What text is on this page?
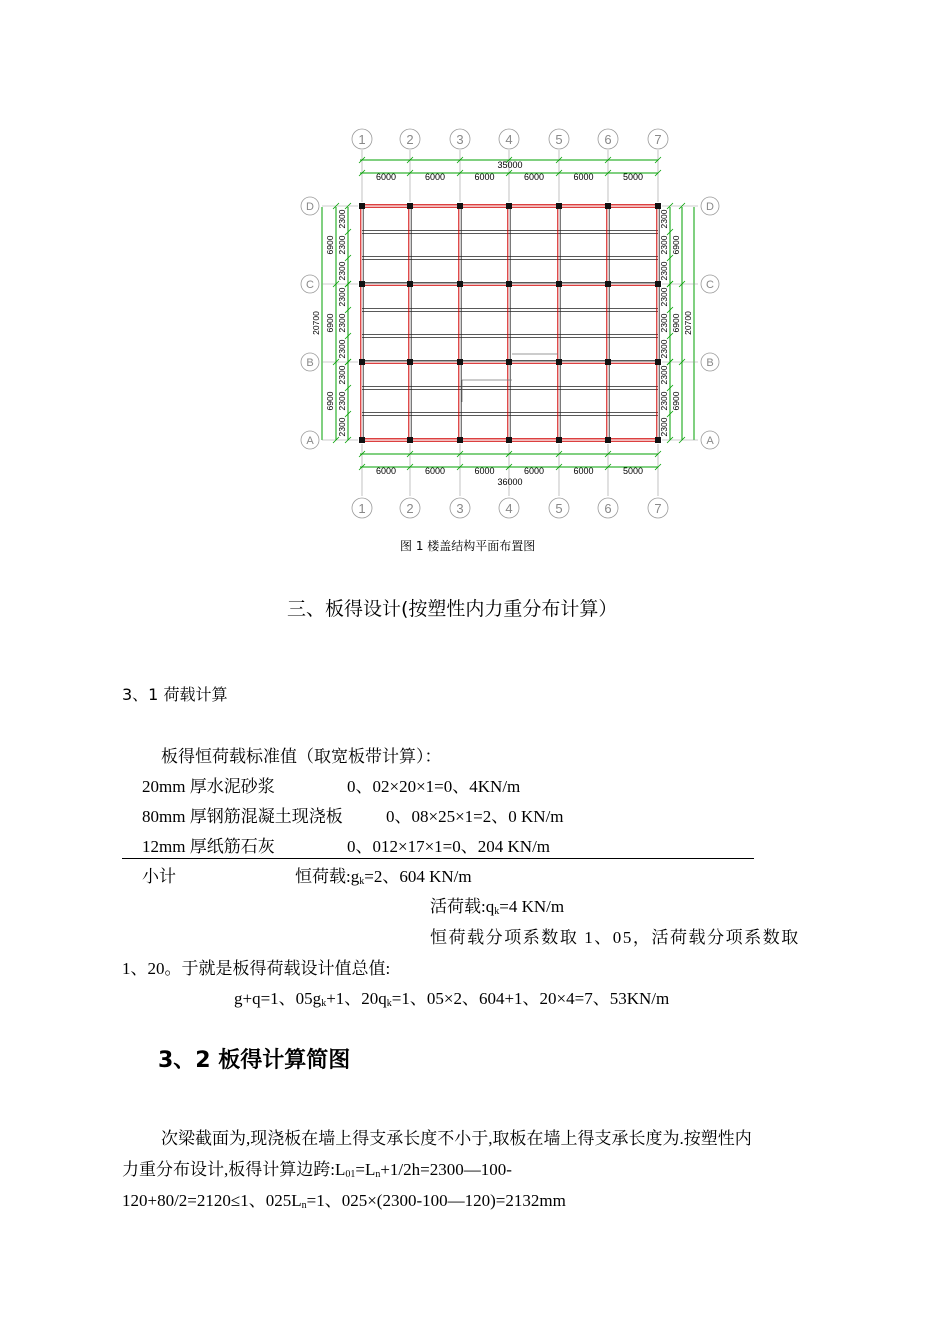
1
1
2
2
3
3
4
4
5
5
6
6
7
7
D	D
C	C
B	B
A	A
35000
36000
6000
6000
6000
6000
6000
6000
6000
6000
6000
6000
5000
5000
2300	2300
2300	2300
2300	2300
2300	2300
2300	2300
2300	2300
2300	2300
2300	2300
2300	2300
6900	6900
6900	6900
6900	6900
20700	20700
图 1 楼盖结构平面布置图
三、板得设计(按塑性内力重分布计算）
3、1 荷载计算
板得恒荷载标准值（取宽板带计算）：
20mm 厚水泥砂浆	0、02×20×1=0、4KN/m
80mm 厚钢筋混凝土现浇板	0、08×25×1=2、0 KN/m
12mm 厚纸筋石灰	0、012×17×1=0、204 KN/m
小计	恒荷载$:g_k=2$、604 KN/m
活荷载$:q_k=4$ KN/m
恒荷载分项系数取 1、05，活荷载分项系数取
1、20。于就是板得荷载设计值总值:
g+q=1、$05g_k+1$、$20q_k=1$、05×2、604+1、20×4=7、53KN/m
3、2 板得计算简图
次梁截面为,现浇板在墙上得支承长度不小于,取板在墙上得支承长度为.按塑性内
力重分布设计,板得计算边跨$:L_{01}=L_n+1/2h=2300—100-$
120+80/2=2120≤1、$025L_n=1$、025×(2300-100—120)=2132mm
